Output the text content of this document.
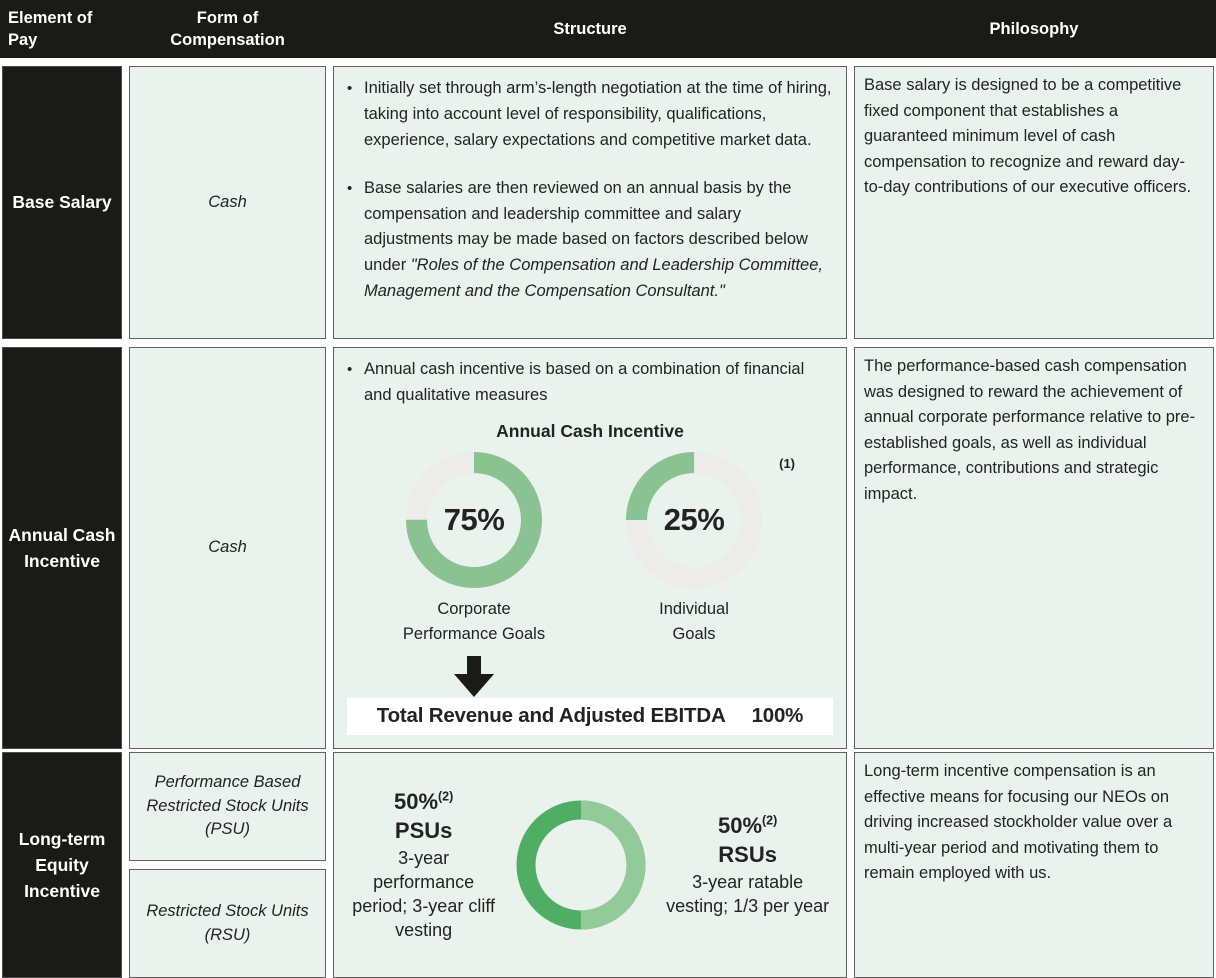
Element of Pay
Form of
Compensation
Structure	Philosophy
Base Salary	Cash
• Initially set through arm’s-length negotiation at the time of hiring, taking into account level of responsibility, qualifications, experience, salary expectations and competitive market data.
• Base salaries are then reviewed on an annual basis by the compensation and leadership committee and salary adjustments may be made based on factors described below under "Roles of the Compensation and Leadership Committee, Management and the Compensation Consultant."
Base salary is designed to be a competitive fixed component that establishes a guaranteed minimum level of cash compensation to recognize and reward day-to-day contributions of our executive officers.
Annual Cash Incentive
Cash
• Annual cash incentive is based on a combination of financial and qualitative measures
Annual Cash Incentive
75%
Corporate
Performance Goals
(1)
25%
Individual
Goals
Total Revenue and Adjusted EBITDA 100%
The performance-based cash compensation was designed to reward the achievement of annual corporate performance relative to pre-established goals, as well as individual performance, contributions and strategic impact.
Long-term Equity Incentive
Performance Based Restricted Stock Units (PSU)
Restricted Stock Units (RSU)
50%$^{(2)}$
PSUs
3-year performance period; 3-year cliff vesting
50%$^{(2)}$
RSUs
3-year ratable vesting; 1/3 per year
Long-term incentive compensation is an effective means for focusing our NEOs on driving increased stockholder value over a multi-year period and motivating them to remain employed with us.
